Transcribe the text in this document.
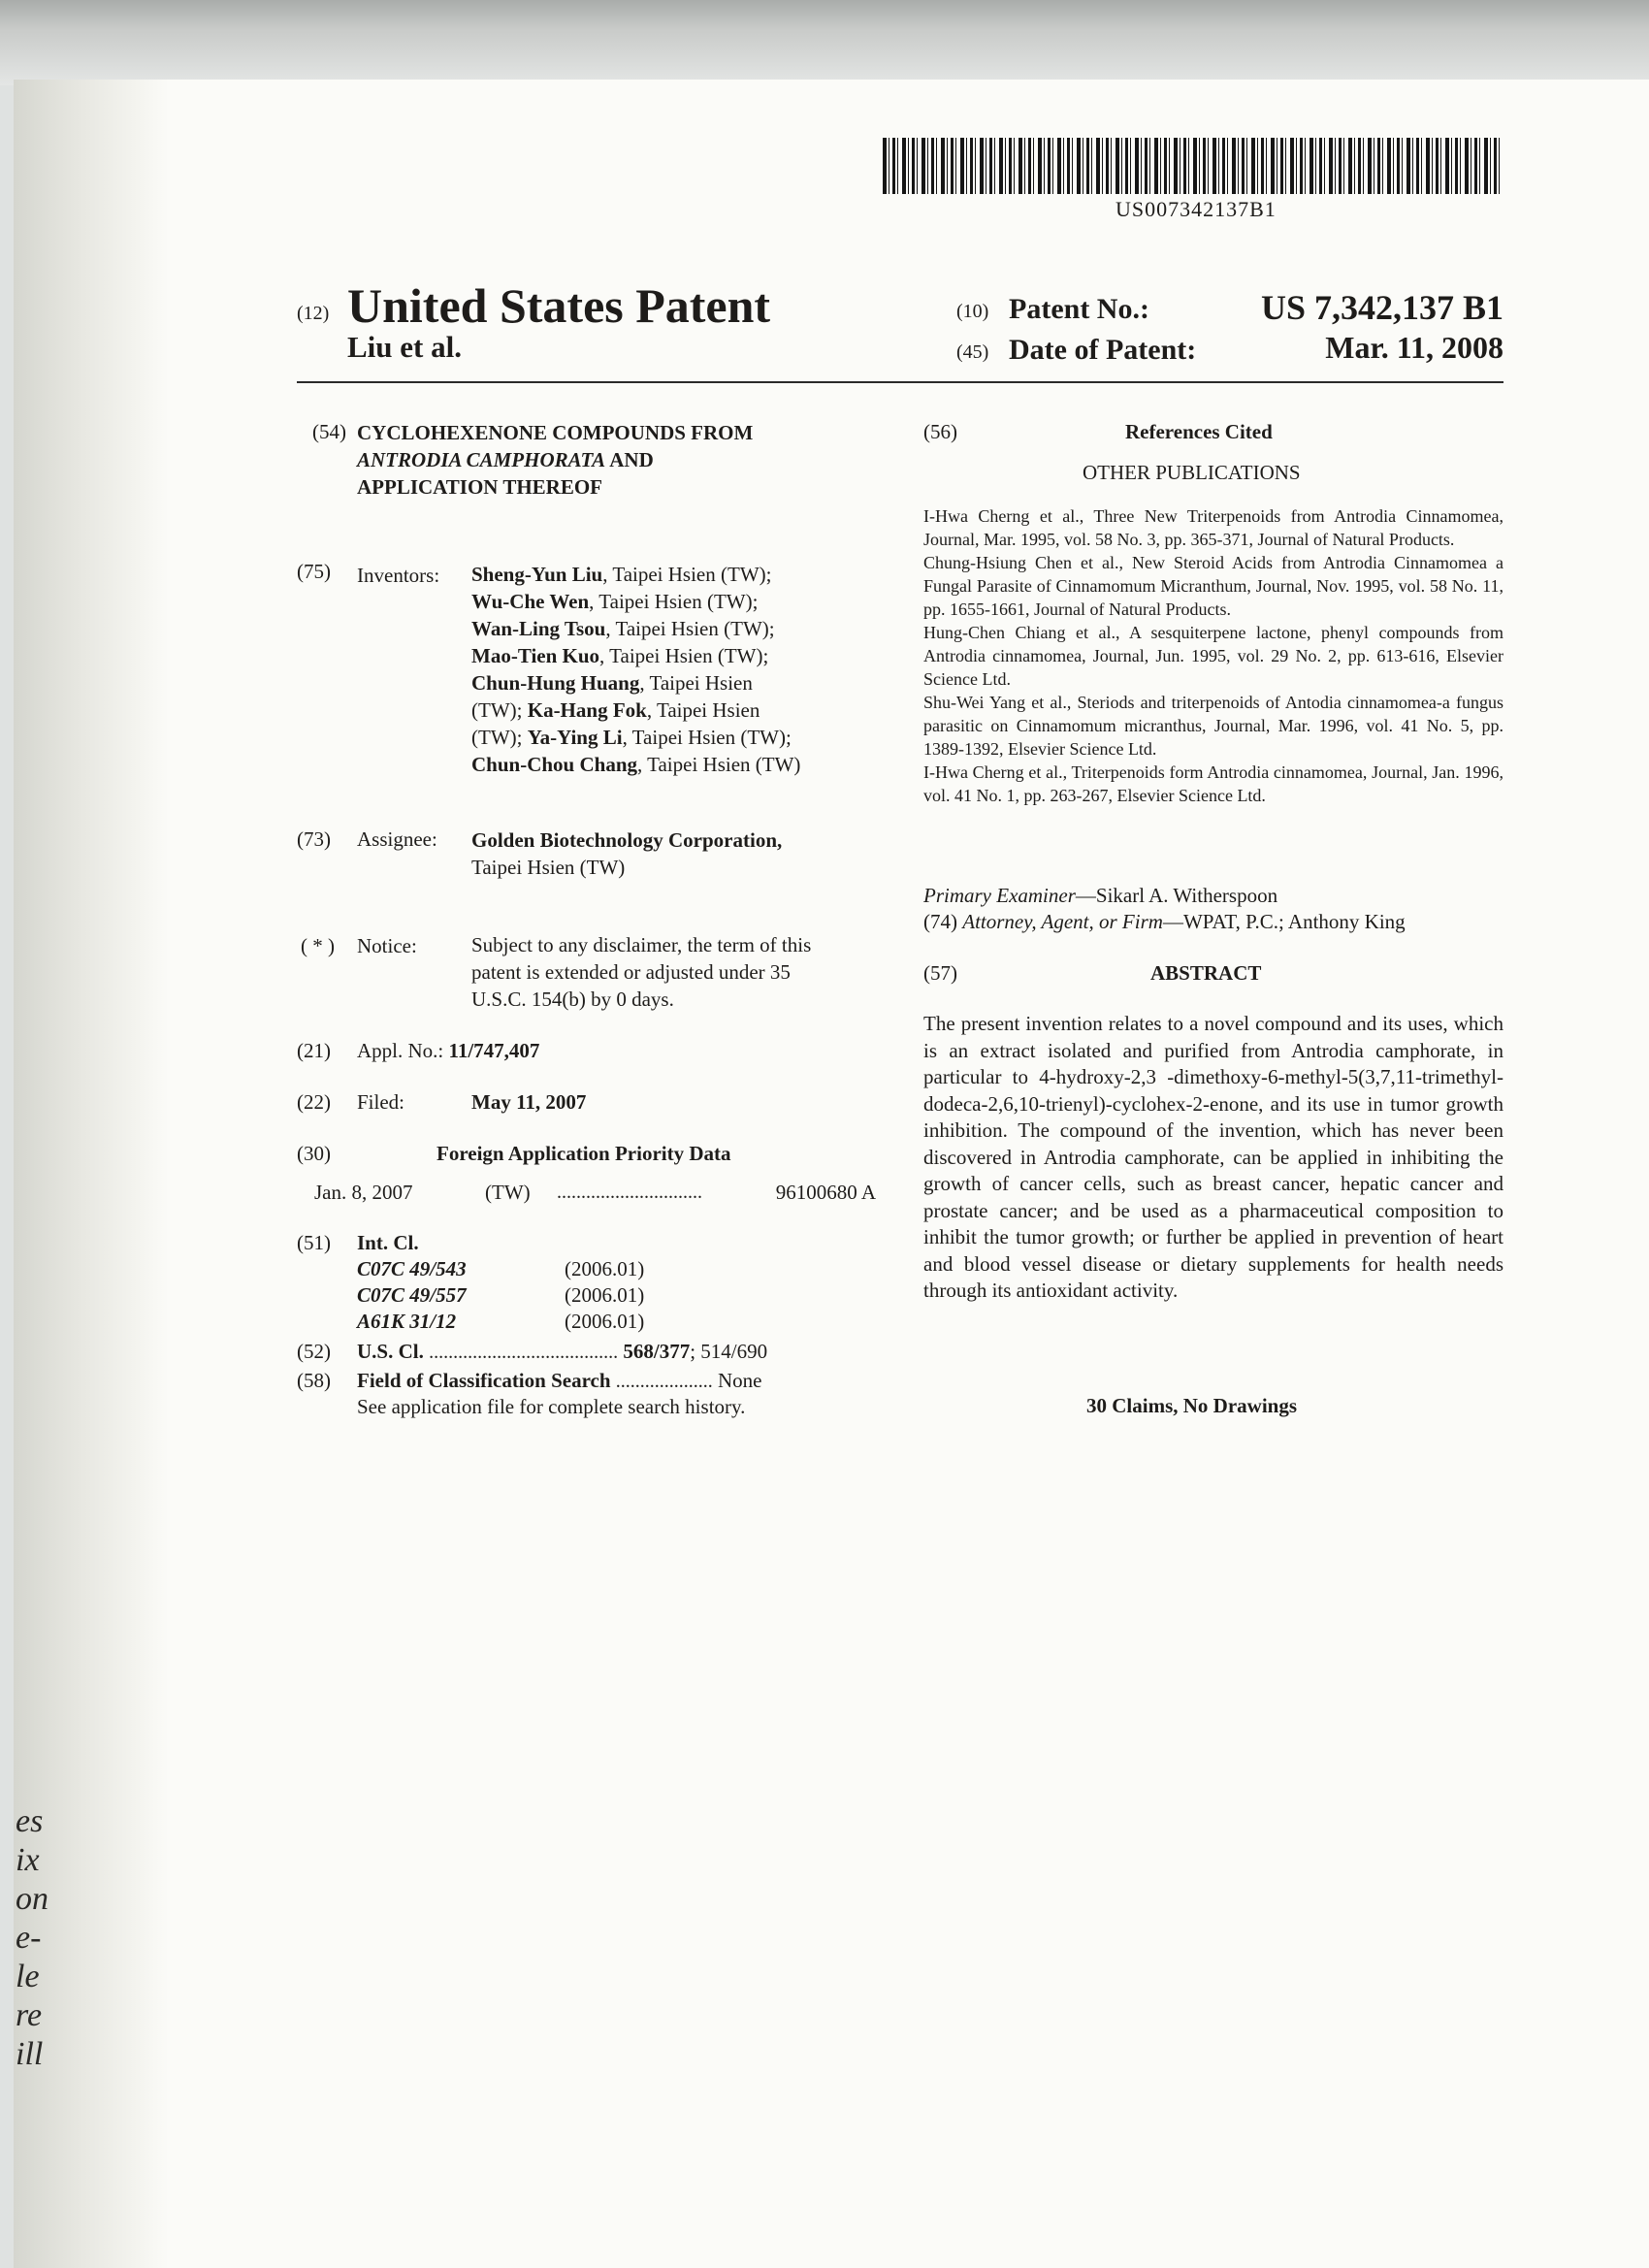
es
ix
on
e-
le
re
ill
US007342137B1
(12) United States Patent
Liu et al.
(10) Patent No.:	US 7,342,137 B1
(45) Date of Patent:	Mar. 11, 2008
(54) CYCLOHEXENONE COMPOUNDS FROM
ANTRODIA CAMPHORATA AND
APPLICATION THEREOF
(75) Inventors: Sheng-Yun Liu, Taipei Hsien (TW);
Wu-Che Wen, Taipei Hsien (TW);
Wan-Ling Tsou, Taipei Hsien (TW);
Mao-Tien Kuo, Taipei Hsien (TW);
Chun-Hung Huang, Taipei Hsien
(TW); Ka-Hang Fok, Taipei Hsien
(TW); Ya-Ying Li, Taipei Hsien (TW);
Chun-Chou Chang, Taipei Hsien (TW)
(73) Assignee: Golden Biotechnology Corporation,
Taipei Hsien (TW)
( * ) Notice:	Subject to any disclaimer, the term of this
patent is extended or adjusted under 35
U.S.C. 154(b) by 0 days.
(21) Appl. No.: 11/747,407
(22) Filed:	May 11, 2007
(30)	Foreign Application Priority Data
Jan. 8, 2007	(TW) ..............................	96100680 A
(51) Int. Cl.
C07C 49/543	(2006.01)
C07C 49/557	(2006.01)
A61K 31/12	(2006.01)
(52) U.S. Cl. ....................................... 568/377; 514/690
(58) Field of Classification Search .................... None
See application file for complete search history.
(56)	References Cited
OTHER PUBLICATIONS
I-Hwa Cherng et al., Three New Triterpenoids from Antrodia Cinnamomea, Journal, Mar. 1995, vol. 58 No. 3, pp. 365-371, Journal of Natural Products.
Chung-Hsiung Chen et al., New Steroid Acids from Antrodia Cinnamomea a Fungal Parasite of Cinnamomum Micranthum, Journal, Nov. 1995, vol. 58 No. 11, pp. 1655-1661, Journal of Natural Products.
Hung-Chen Chiang et al., A sesquiterpene lactone, phenyl compounds from Antrodia cinnamomea, Journal, Jun. 1995, vol. 29 No. 2, pp. 613-616, Elsevier Science Ltd.
Shu-Wei Yang et al., Steriods and triterpenoids of Antodia cinnamomea-a fungus parasitic on Cinnamomum micranthus, Journal, Mar. 1996, vol. 41 No. 5, pp. 1389-1392, Elsevier Science Ltd.
I-Hwa Cherng et al., Triterpenoids form Antrodia cinnamomea, Journal, Jan. 1996, vol. 41 No. 1, pp. 263-267, Elsevier Science Ltd.
Primary Examiner—Sikarl A. Witherspoon
(74) Attorney, Agent, or Firm—WPAT, P.C.; Anthony King
(57)	ABSTRACT
The present invention relates to a novel compound and its uses, which is an extract isolated and purified from Antrodia camphorate, in particular to 4-hydroxy-2,3 -dimethoxy-6-methyl-5(3,7,11-trimethyl-dodeca-2,6,10-trienyl)-cyclohex-2-enone, and its use in tumor growth inhibition. The compound of the invention, which has never been discovered in Antrodia camphorate, can be applied in inhibiting the growth of cancer cells, such as breast cancer, hepatic cancer and prostate cancer; and be used as a pharmaceutical composition to inhibit the tumor growth; or further be applied in prevention of heart and blood vessel disease or dietary supplements for health needs through its antioxidant activity.
30 Claims, No Drawings
